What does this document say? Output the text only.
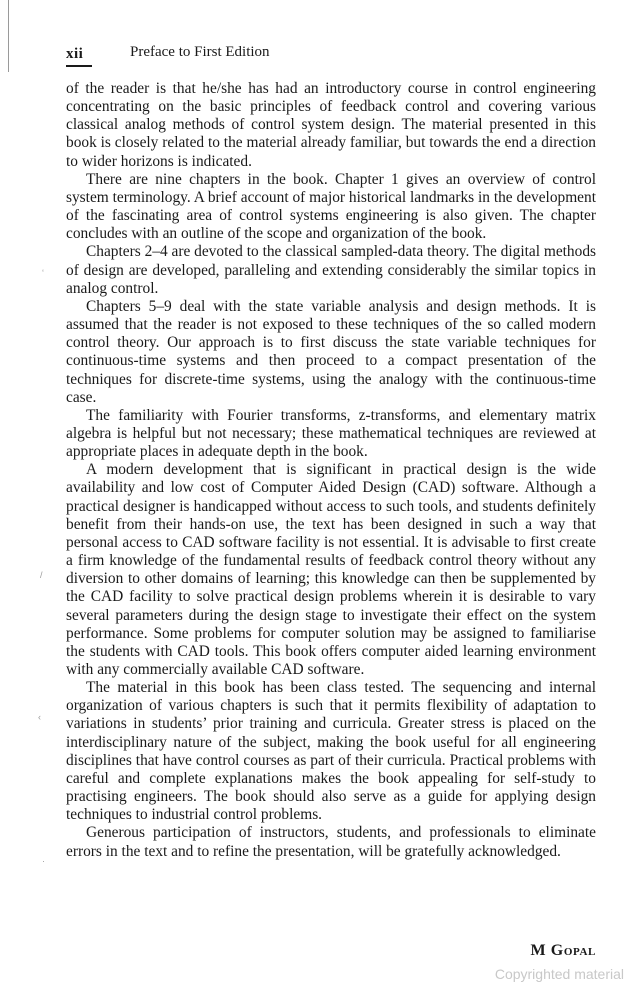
xii	Preface to First Edition

of the reader is that he/she has had an introductory course in control engineering concentrating on the basic principles of feedback control and covering various classical analog methods of control system design. The material presented in this book is closely related to the material already familiar, but towards the end a direction to wider horizons is indicated.

There are nine chapters in the book. Chapter 1 gives an overview of control system terminology. A brief account of major historical landmarks in the development of the fascinating area of control systems engineering is also given. The chapter concludes with an outline of the scope and organization of the book.

Chapters 2–4 are devoted to the classical sampled-data theory. The digital methods of design are developed, paralleling and extending considerably the similar topics in analog control.

Chapters 5–9 deal with the state variable analysis and design methods. It is assumed that the reader is not exposed to these techniques of the so called modern control theory. Our approach is to first discuss the state variable techniques for continuous-time systems and then proceed to a compact presentation of the techniques for discrete-time systems, using the analogy with the continuous-time case.

The familiarity with Fourier transforms, z-transforms, and elementary matrix algebra is helpful but not necessary; these mathematical techniques are reviewed at appropriate places in adequate depth in the book.

A modern development that is significant in practical design is the wide availability and low cost of Computer Aided Design (CAD) software. Although a practical designer is handicapped without access to such tools, and students definitely benefit from their hands-on use, the text has been designed in such a way that personal access to CAD software facility is not essential. It is advisable to first create a firm knowledge of the fundamental results of feedback control theory without any diversion to other domains of learning; this knowledge can then be supplemented by the CAD facility to solve practical design problems wherein it is desirable to vary several parameters during the design stage to investigate their effect on the system performance. Some problems for computer solution may be assigned to familiarise the students with CAD tools. This book offers computer aided learning environment with any commercially available CAD software.

The material in this book has been class tested. The sequencing and internal organization of various chapters is such that it permits flexibility of adaptation to variations in students’ prior training and curricula. Greater stress is placed on the interdisciplinary nature of the subject, making the book useful for all engineering disciplines that have control courses as part of their curricula. Practical problems with careful and complete explanations makes the book appealing for self-study to practising engineers. The book should also serve as a guide for applying design techniques to industrial control problems.

Generous participation of instructors, students, and professionals to eliminate errors in the text and to refine the presentation, will be gratefully acknowledged.

M Gopal
Copyrighted material
‘
/
‹
·
